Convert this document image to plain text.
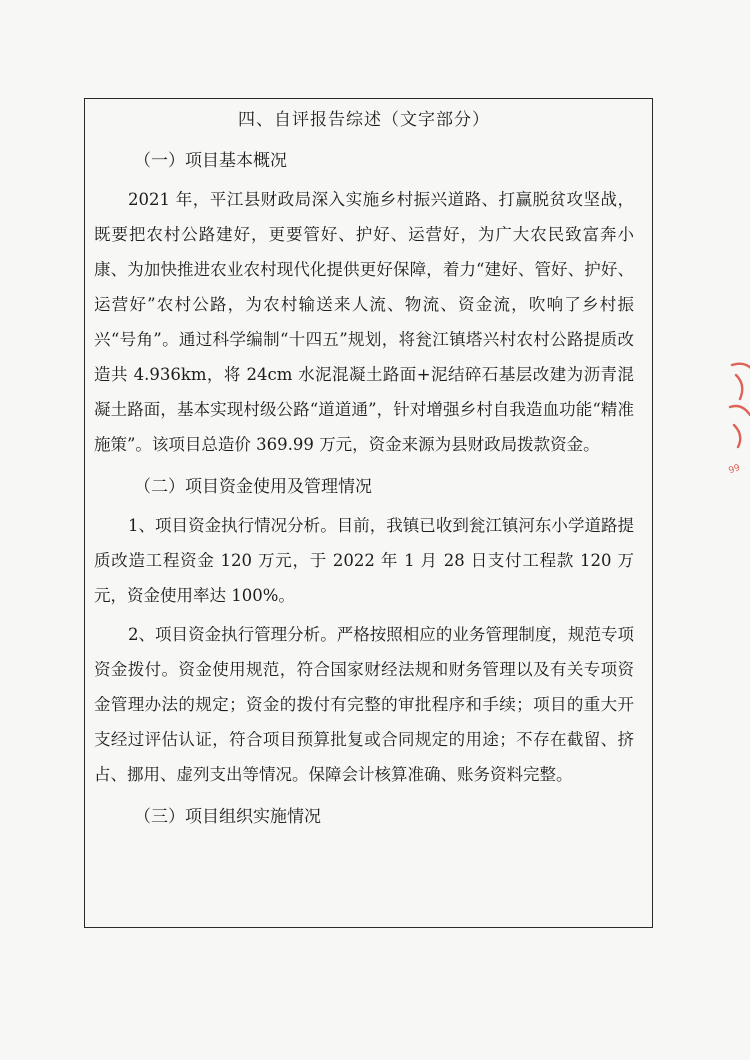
四、自评报告综述（文字部分）
（一）项目基本概况

2021 年，平江县财政局深入实施乡村振兴道路、打赢脱贫攻坚战，既要把农村公路建好，更要管好、护好、运营好，为广大农民致富奔小康、为加快推进农业农村现代化提供更好保障，着力“建好、管好、护好、运营好”农村公路，为农村输送来人流、物流、资金流，吹响了乡村振兴“号角”。通过科学编制“十四五”规划，将瓮江镇塔兴村农村公路提质改造共 4.936km，将 24cm 水泥混凝土路面+泥结碎石基层改建为沥青混凝土路面，基本实现村级公路“道道通”，针对增强乡村自我造血功能“精准施策”。该项目总造价 369.99 万元，资金来源为县财政局拨款资金。

（二）项目资金使用及管理情况

1、项目资金执行情况分析。目前，我镇已收到瓮江镇河东小学道路提质改造工程资金 120 万元，于 2022 年 1 月 28 日支付工程款 120 万元，资金使用率达 100%。

2、项目资金执行管理分析。严格按照相应的业务管理制度，规范专项资金拨付。资金使用规范，符合国家财经法规和财务管理以及有关专项资金管理办法的规定；资金的拨付有完整的审批程序和手续；项目的重大开支经过评估认证，符合项目预算批复或合同规定的用途；不存在截留、挤占、挪用、虚列支出等情况。保障会计核算准确、账务资料完整。

（三）项目组织实施情况
99
